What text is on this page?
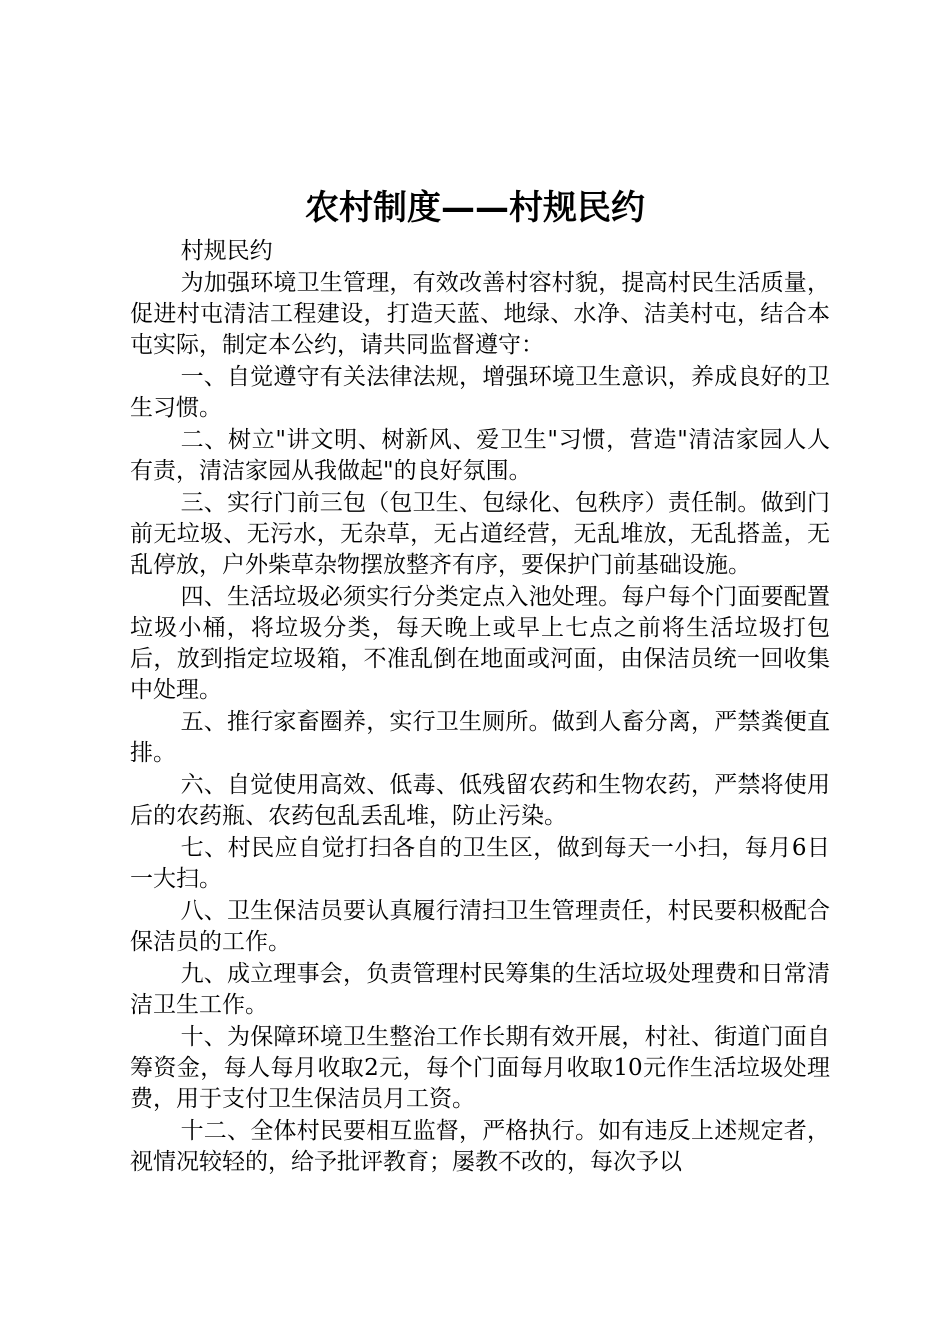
农村制度——村规民约

村规民约

为加强环境卫生管理，有效改善村容村貌，提高村民生活质量，促进村屯清洁工程建设，打造天蓝、地绿、水净、洁美村屯，结合本屯实际，制定本公约，请共同监督遵守：

一、自觉遵守有关法律法规，增强环境卫生意识，养成良好的卫生习惯。

二、树立"讲文明、树新风、爱卫生"习惯，营造"清洁家园人人有责，清洁家园从我做起"的良好氛围。

三、实行门前三包（包卫生、包绿化、包秩序）责任制。做到门前无垃圾、无污水，无杂草，无占道经营，无乱堆放，无乱搭盖，无乱停放，户外柴草杂物摆放整齐有序，要保护门前基础设施。

四、生活垃圾必须实行分类定点入池处理。每户每个门面要配置垃圾小桶，将垃圾分类，每天晚上或早上七点之前将生活垃圾打包后，放到指定垃圾箱，不准乱倒在地面或河面，由保洁员统一回收集中处理。

五、推行家畜圈养，实行卫生厕所。做到人畜分离，严禁粪便直排。

六、自觉使用高效、低毒、低残留农药和生物农药，严禁将使用后的农药瓶、农药包乱丢乱堆，防止污染。

七、村民应自觉打扫各自的卫生区，做到每天一小扫，每月6日一大扫。

八、卫生保洁员要认真履行清扫卫生管理责任，村民要积极配合保洁员的工作。

九、成立理事会，负责管理村民筹集的生活垃圾处理费和日常清洁卫生工作。

十、为保障环境卫生整治工作长期有效开展，村社、街道门面自筹资金，每人每月收取2元，每个门面每月收取10元作生活垃圾处理费，用于支付卫生保洁员月工资。

十二、全体村民要相互监督，严格执行。如有违反上述规定者，视情况较轻的，给予批评教育；屡教不改的，每次予以
